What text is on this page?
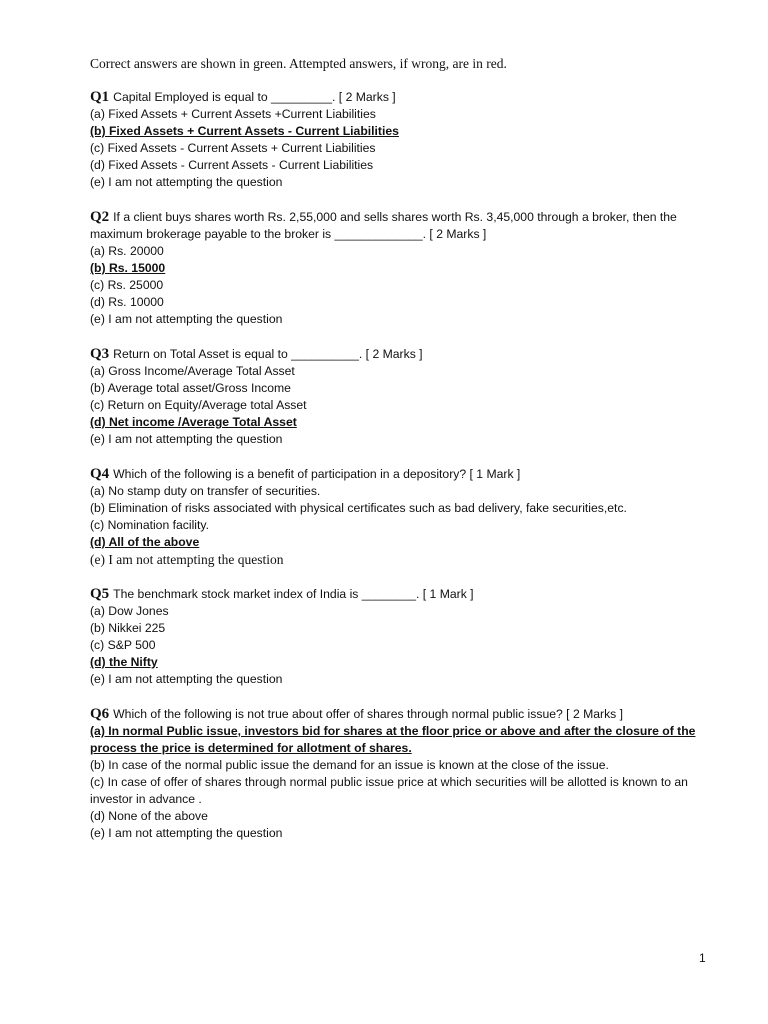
Correct answers are shown in green. Attempted answers, if wrong, are in red.

Q1 Capital Employed is equal to _________. [ 2 Marks ]
(a) Fixed Assets + Current Assets +Current Liabilities
(b) Fixed Assets + Current Assets - Current Liabilities
(c) Fixed Assets - Current Assets + Current Liabilities
(d) Fixed Assets - Current Assets - Current Liabilities
(e) I am not attempting the question
Q2 If a client buys shares worth Rs. 2,55,000 and sells shares worth Rs. 3,45,000 through a broker, then the maximum brokerage payable to the broker is _____________. [ 2 Marks ]
(a) Rs. 20000
(b) Rs. 15000
(c) Rs. 25000
(d) Rs. 10000
(e) I am not attempting the question
Q3 Return on Total Asset is equal to __________. [ 2 Marks ]
(a) Gross Income/Average Total Asset
(b) Average total asset/Gross Income
(c) Return on Equity/Average total Asset
(d) Net income /Average Total Asset
(e) I am not attempting the question
Q4 Which of the following is a benefit of participation in a depository? [ 1 Mark ]
(a) No stamp duty on transfer of securities.
(b) Elimination of risks associated with physical certificates such as bad delivery, fake securities,etc.
(c) Nomination facility.
(d) All of the above
(e) I am not attempting the question
Q5 The benchmark stock market index of India is ________. [ 1 Mark ]
(a) Dow Jones
(b) Nikkei 225
(c) S&P 500
(d) the Nifty
(e) I am not attempting the question
Q6 Which of the following is not true about offer of shares through normal public issue? [ 2 Marks ]
(a) In normal Public issue, investors bid for shares at the floor price or above and after the closure of the process the price is determined for allotment of shares.
(b) In case of the normal public issue the demand for an issue is known at the close of the issue.
(c) In case of offer of shares through normal public issue price at which securities will be allotted is known to an investor in advance .
(d) None of the above
(e) I am not attempting the question
1
